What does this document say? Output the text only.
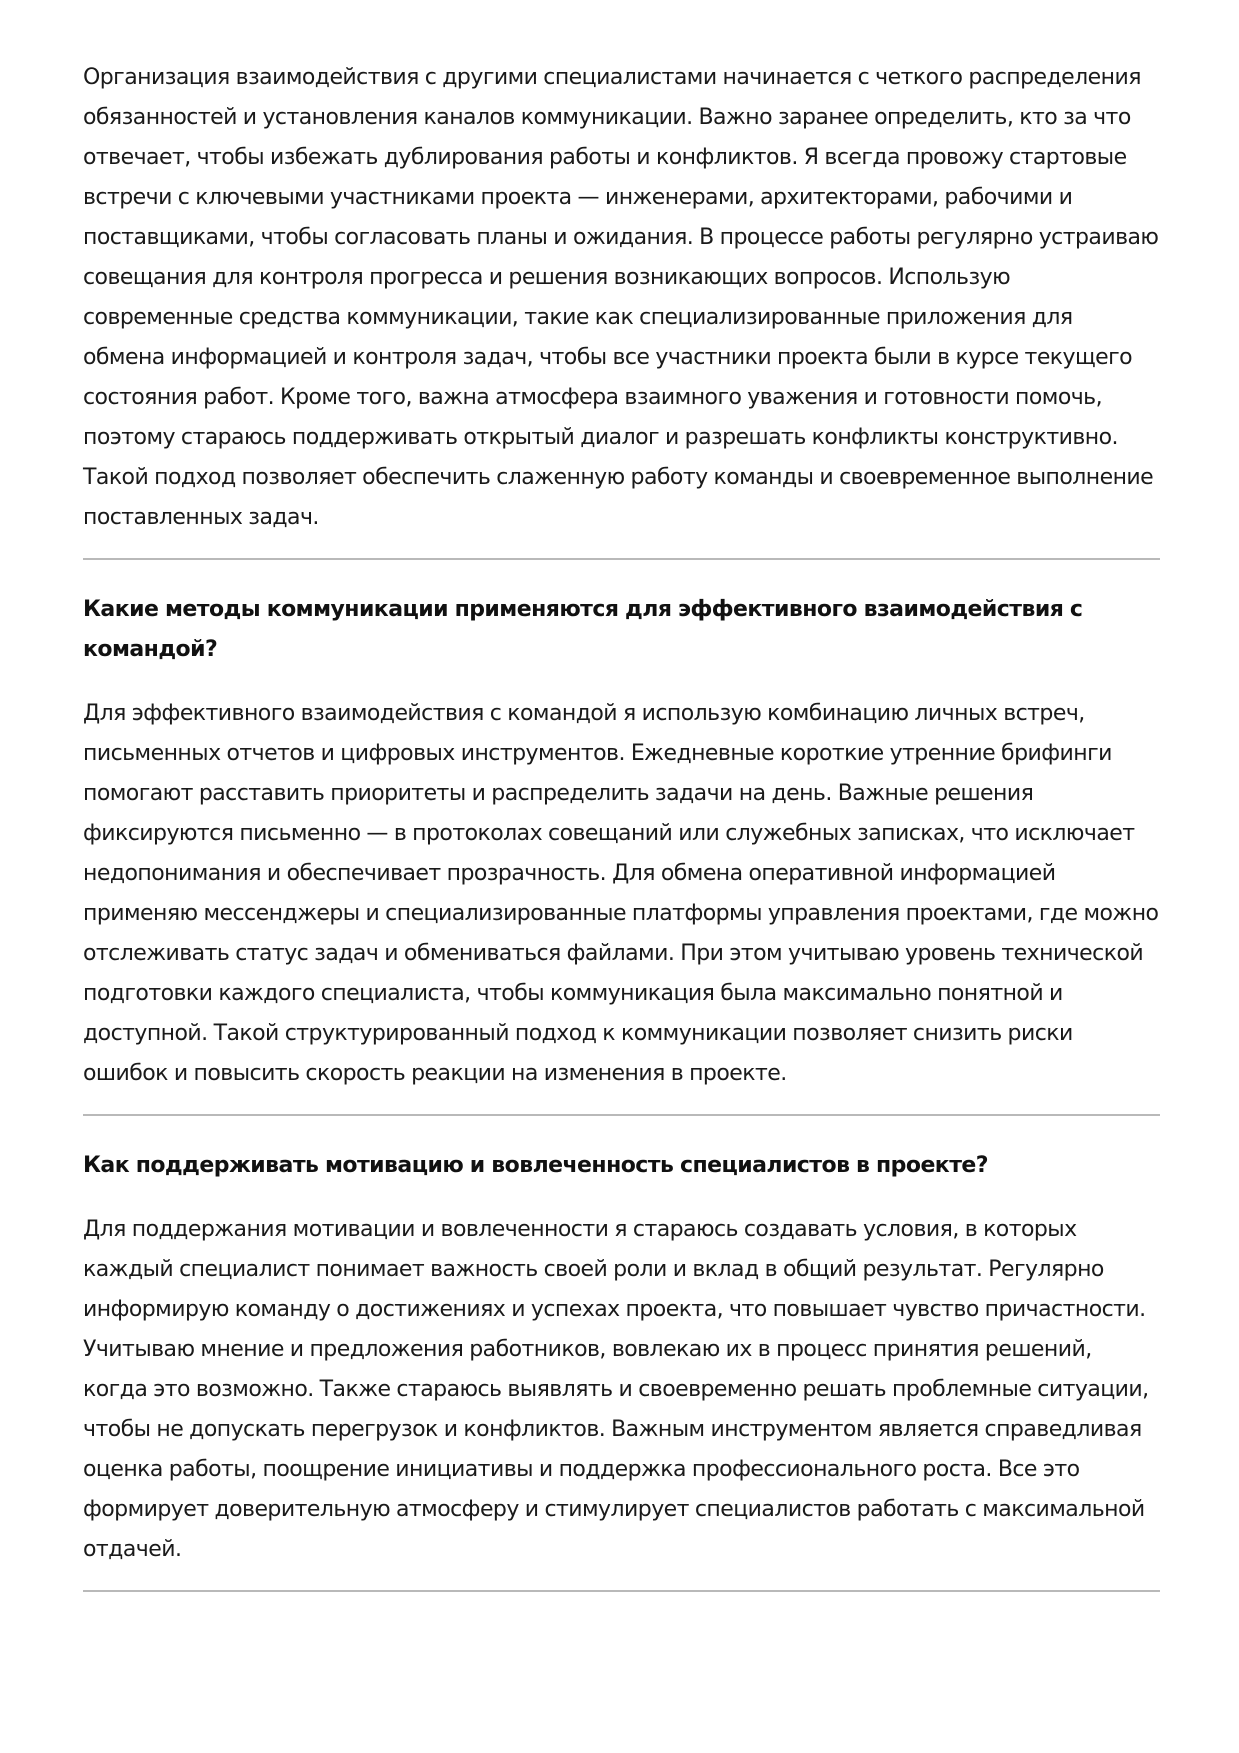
Организация взаимодействия с другими специалистами начинается с четкого распределения обязанностей и установления каналов коммуникации. Важно заранее определить, кто за что отвечает, чтобы избежать дублирования работы и конфликтов. Я всегда провожу стартовые встречи с ключевыми участниками проекта — инженерами, архитекторами, рабочими и поставщиками, чтобы согласовать планы и ожидания. В процессе работы регулярно устраиваю совещания для контроля прогресса и решения возникающих вопросов. Использую современные средства коммуникации, такие как специализированные приложения для обмена информацией и контроля задач, чтобы все участники проекта были в курсе текущего состояния работ. Кроме того, важна атмосфера взаимного уважения и готовности помочь, поэтому стараюсь поддерживать открытый диалог и разрешать конфликты конструктивно. Такой подход позволяет обеспечить слаженную работу команды и своевременное выполнение поставленных задач.

Какие методы коммуникации применяются для эффективного взаимодействия с командой?

Для эффективного взаимодействия с командой я использую комбинацию личных встреч, письменных отчетов и цифровых инструментов. Ежедневные короткие утренние брифинги помогают расставить приоритеты и распределить задачи на день. Важные решения фиксируются письменно — в протоколах совещаний или служебных записках, что исключает недопонимания и обеспечивает прозрачность. Для обмена оперативной информацией применяю мессенджеры и специализированные платформы управления проектами, где можно отслеживать статус задач и обмениваться файлами. При этом учитываю уровень технической подготовки каждого специалиста, чтобы коммуникация была максимально понятной и доступной. Такой структурированный подход к коммуникации позволяет снизить риски ошибок и повысить скорость реакции на изменения в проекте.

Как поддерживать мотивацию и вовлеченность специалистов в проекте?

Для поддержания мотивации и вовлеченности я стараюсь создавать условия, в которых каждый специалист понимает важность своей роли и вклад в общий результат. Регулярно информирую команду о достижениях и успехах проекта, что повышает чувство причастности. Учитываю мнение и предложения работников, вовлекаю их в процесс принятия решений, когда это возможно. Также стараюсь выявлять и своевременно решать проблемные ситуации, чтобы не допускать перегрузок и конфликтов. Важным инструментом является справедливая оценка работы, поощрение инициативы и поддержка профессионального роста. Все это формирует доверительную атмосферу и стимулирует специалистов работать с максимальной отдачей.
